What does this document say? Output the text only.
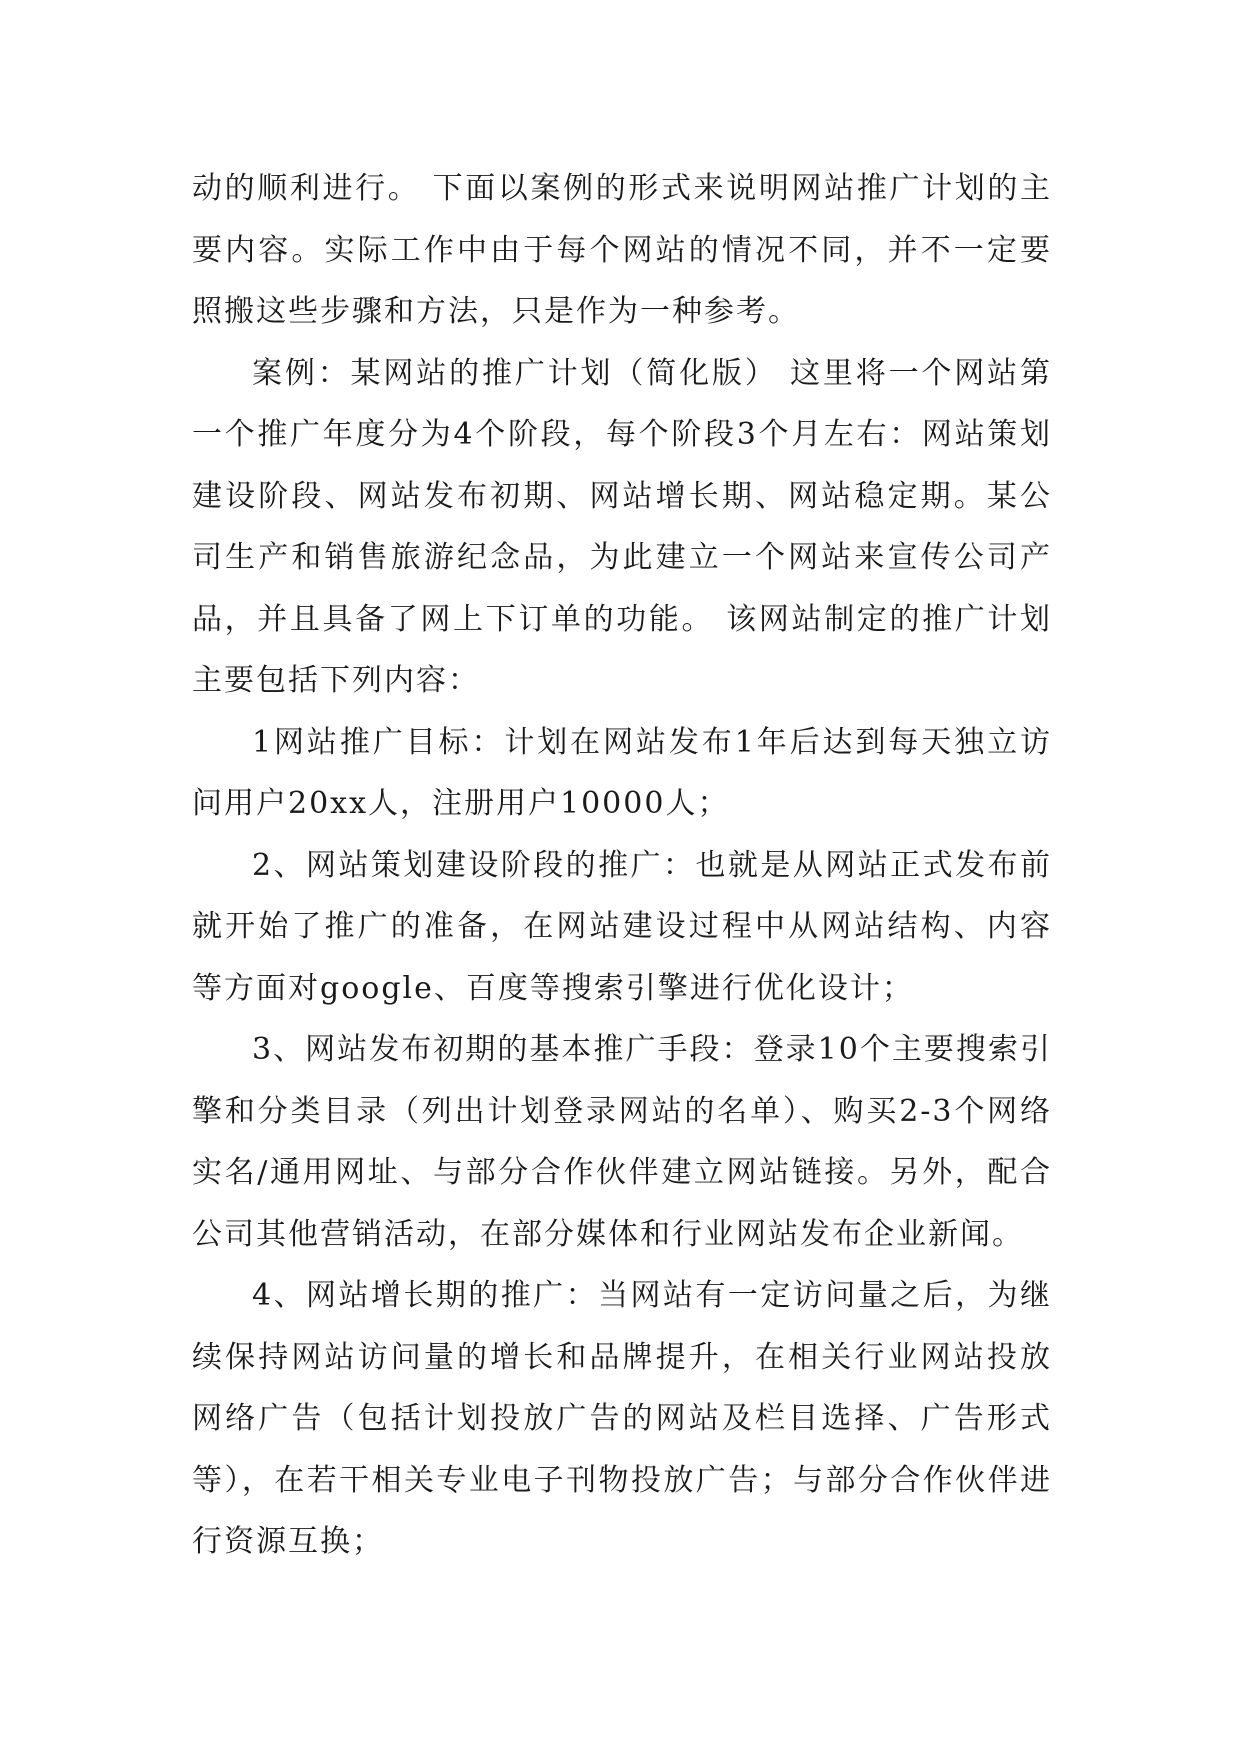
动的顺利进行。 下面以案例的形式来说明网站推广计划的主要内容。实际工作中由于每个网站的情况不同，并不一定要照搬这些步骤和方法，只是作为一种参考。

案例：某网站的推广计划（简化版） 这里将一个网站第一个推广年度分为4个阶段，每个阶段3个月左右：网站策划建设阶段、网站发布初期、网站增长期、网站稳定期。某公司生产和销售旅游纪念品，为此建立一个网站来宣传公司产品，并且具备了网上下订单的功能。 该网站制定的推广计划主要包括下列内容：

1网站推广目标：计划在网站发布1年后达到每天独立访问用户20xx人，注册用户10000人；

2、网站策划建设阶段的推广：也就是从网站正式发布前就开始了推广的准备，在网站建设过程中从网站结构、内容等方面对google、百度等搜索引擎进行优化设计；

3、网站发布初期的基本推广手段：登录10个主要搜索引擎和分类目录（列出计划登录网站的名单）、购买2-3个网络实名/通用网址、与部分合作伙伴建立网站链接。另外，配合公司其他营销活动，在部分媒体和行业网站发布企业新闻。

4、网站增长期的推广：当网站有一定访问量之后，为继续保持网站访问量的增长和品牌提升，在相关行业网站投放网络广告（包括计划投放广告的网站及栏目选择、广告形式等），在若干相关专业电子刊物投放广告；与部分合作伙伴进行资源互换；
